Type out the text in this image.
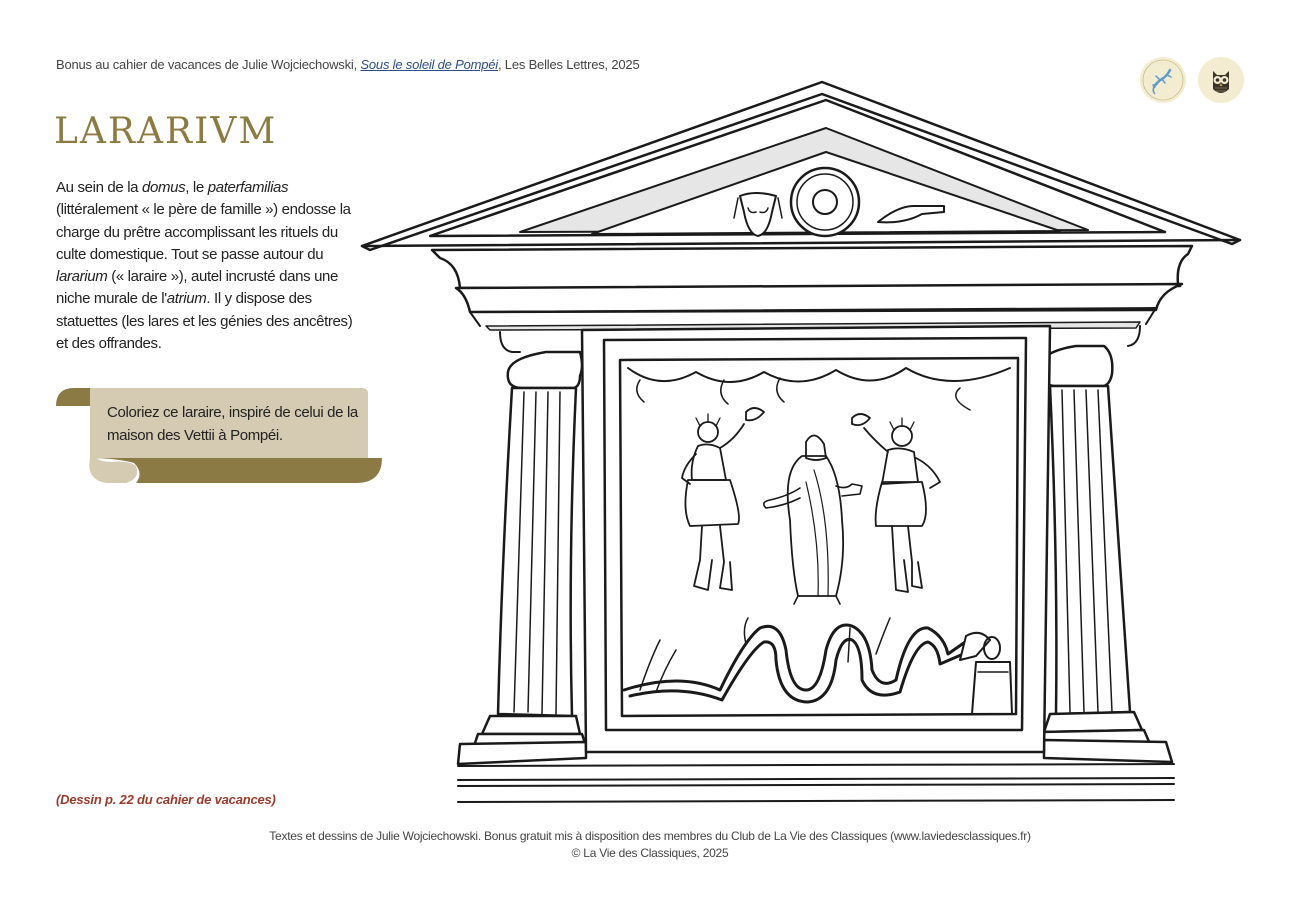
Bonus au cahier de vacances de Julie Wojciechowski, Sous le soleil de Pompéi, Les Belles Lettres, 2025
LARARIVM

Au sein de la domus, le paterfamilias (littéralement « le père de famille ») endosse la charge du prêtre accomplissant les rituels du culte domestique. Tout se passe autour du lararium (« laraire »), autel incrusté dans une niche murale de l'atrium. Il y dispose des statuettes (les lares et les génies des ancêtres) et des offrandes.

Coloriez ce laraire, inspiré de celui de la maison des Vettii à Pompéi.
(Dessin p. 22 du cahier de vacances)
Textes et dessins de Julie Wojciechowski. Bonus gratuit mis à disposition des membres du Club de La Vie des Classiques (www.laviedesclassiques.fr)
© La Vie des Classiques, 2025
